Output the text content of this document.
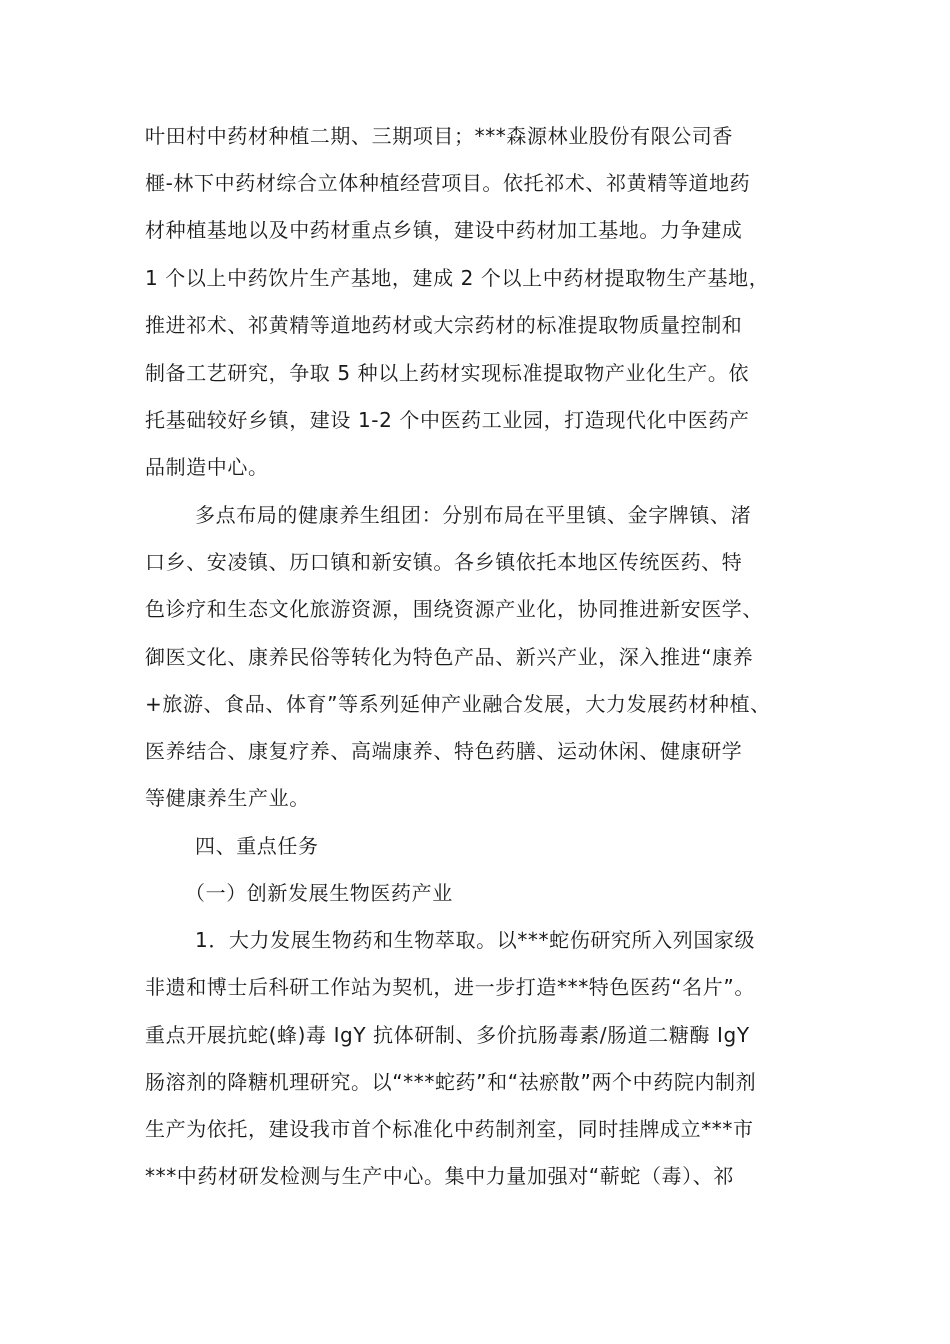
叶田村中药材种植二期、三期项目；***森源林业股份有限公司香
榧-林下中药材综合立体种植经营项目。依托祁术、祁黄精等道地药
材种植基地以及中药材重点乡镇，建设中药材加工基地。力争建成
1 个以上中药饮片生产基地，建成 2 个以上中药材提取物生产基地，
推进祁术、祁黄精等道地药材或大宗药材的标准提取物质量控制和
制备工艺研究，争取 5 种以上药材实现标准提取物产业化生产。依
托基础较好乡镇，建设 1-2 个中医药工业园，打造现代化中医药产
品制造中心。
多点布局的健康养生组团：分别布局在平里镇、金字牌镇、渚
口乡、安凌镇、历口镇和新安镇。各乡镇依托本地区传统医药、特
色诊疗和生态文化旅游资源，围绕资源产业化，协同推进新安医学、
御医文化、康养民俗等转化为特色产品、新兴产业，深入推进“康养
+旅游、食品、体育”等系列延伸产业融合发展，大力发展药材种植、
医养结合、康复疗养、高端康养、特色药膳、运动休闲、健康研学
等健康养生产业。
四、重点任务
（一）创新发展生物医药产业
1．大力发展生物药和生物萃取。以***蛇伤研究所入列国家级
非遗和博士后科研工作站为契机，进一步打造***特色医药“名片”。
重点开展抗蛇(蜂)毒 IgY 抗体研制、多价抗肠毒素/肠道二糖酶 IgY
肠溶剂的降糖机理研究。以“***蛇药”和“祛瘀散”两个中药院内制剂
生产为依托，建设我市首个标准化中药制剂室，同时挂牌成立***市
***中药材研发检测与生产中心。集中力量加强对“蕲蛇（毒）、祁
